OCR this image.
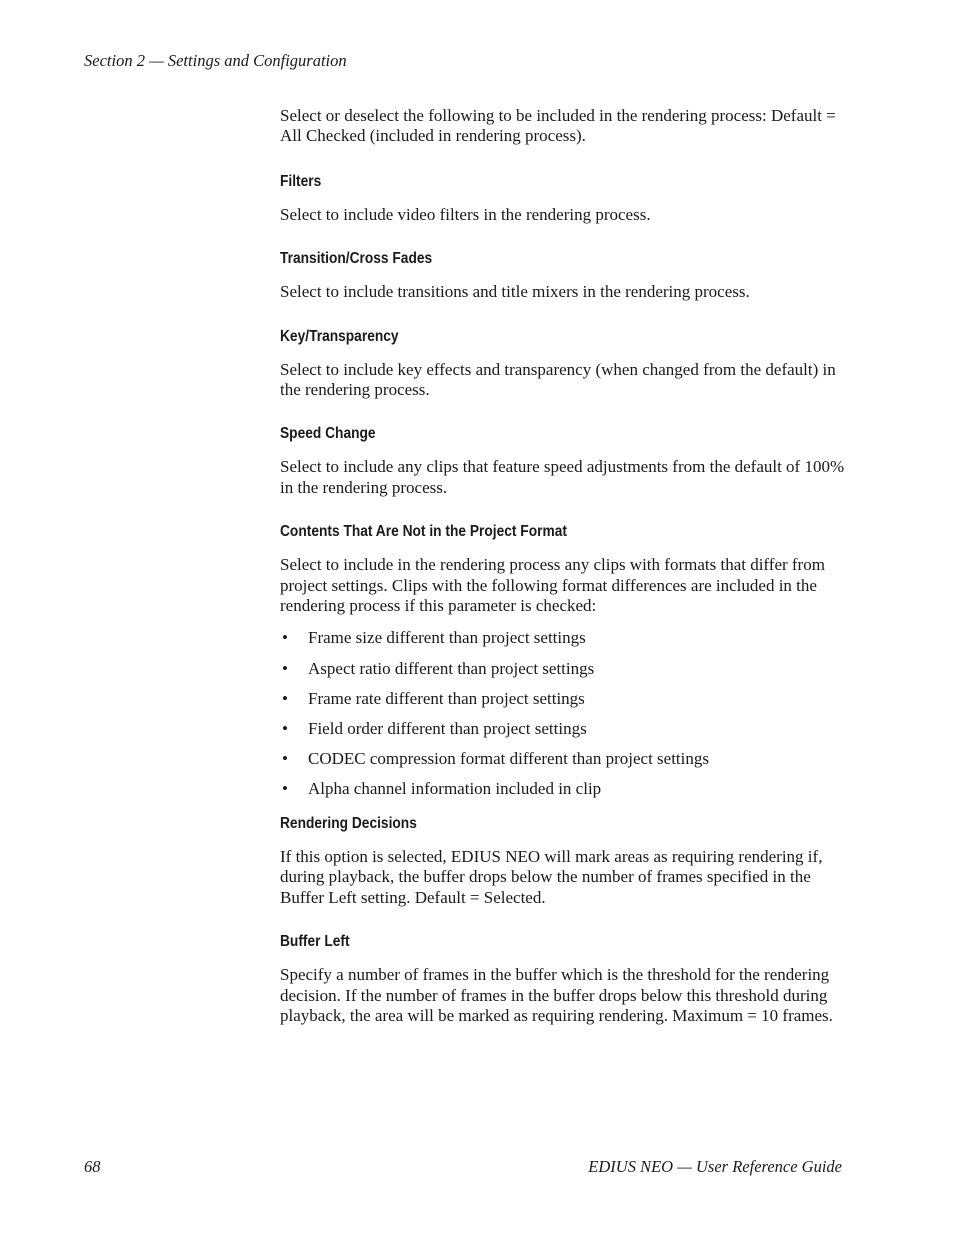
Section 2 — Settings and Configuration

Select or deselect the following to be included in the rendering process: Default = All Checked (included in rendering process).

Filters

Select to include video filters in the rendering process.

Transition/Cross Fades

Select to include transitions and title mixers in the rendering process.

Key/Transparency

Select to include key effects and transparency (when changed from the default) in the rendering process.

Speed Change

Select to include any clips that feature speed adjustments from the default of 100% in the rendering process.

Contents That Are Not in the Project Format

Select to include in the rendering process any clips with formats that differ from project settings. Clips with the following format differences are included in the rendering process if this parameter is checked:

• Frame size different than project settings
• Aspect ratio different than project settings
• Frame rate different than project settings
• Field order different than project settings
• CODEC compression format different than project settings
• Alpha channel information included in clip
Rendering Decisions

If this option is selected, EDIUS NEO will mark areas as requiring rendering if, during playback, the buffer drops below the number of frames specified in the Buffer Left setting. Default = Selected.

Buffer Left

Specify a number of frames in the buffer which is the threshold for the rendering decision. If the number of frames in the buffer drops below this threshold during playback, the area will be marked as requiring rendering. Maximum = 10 frames.

68	EDIUS NEO — User Reference Guide
